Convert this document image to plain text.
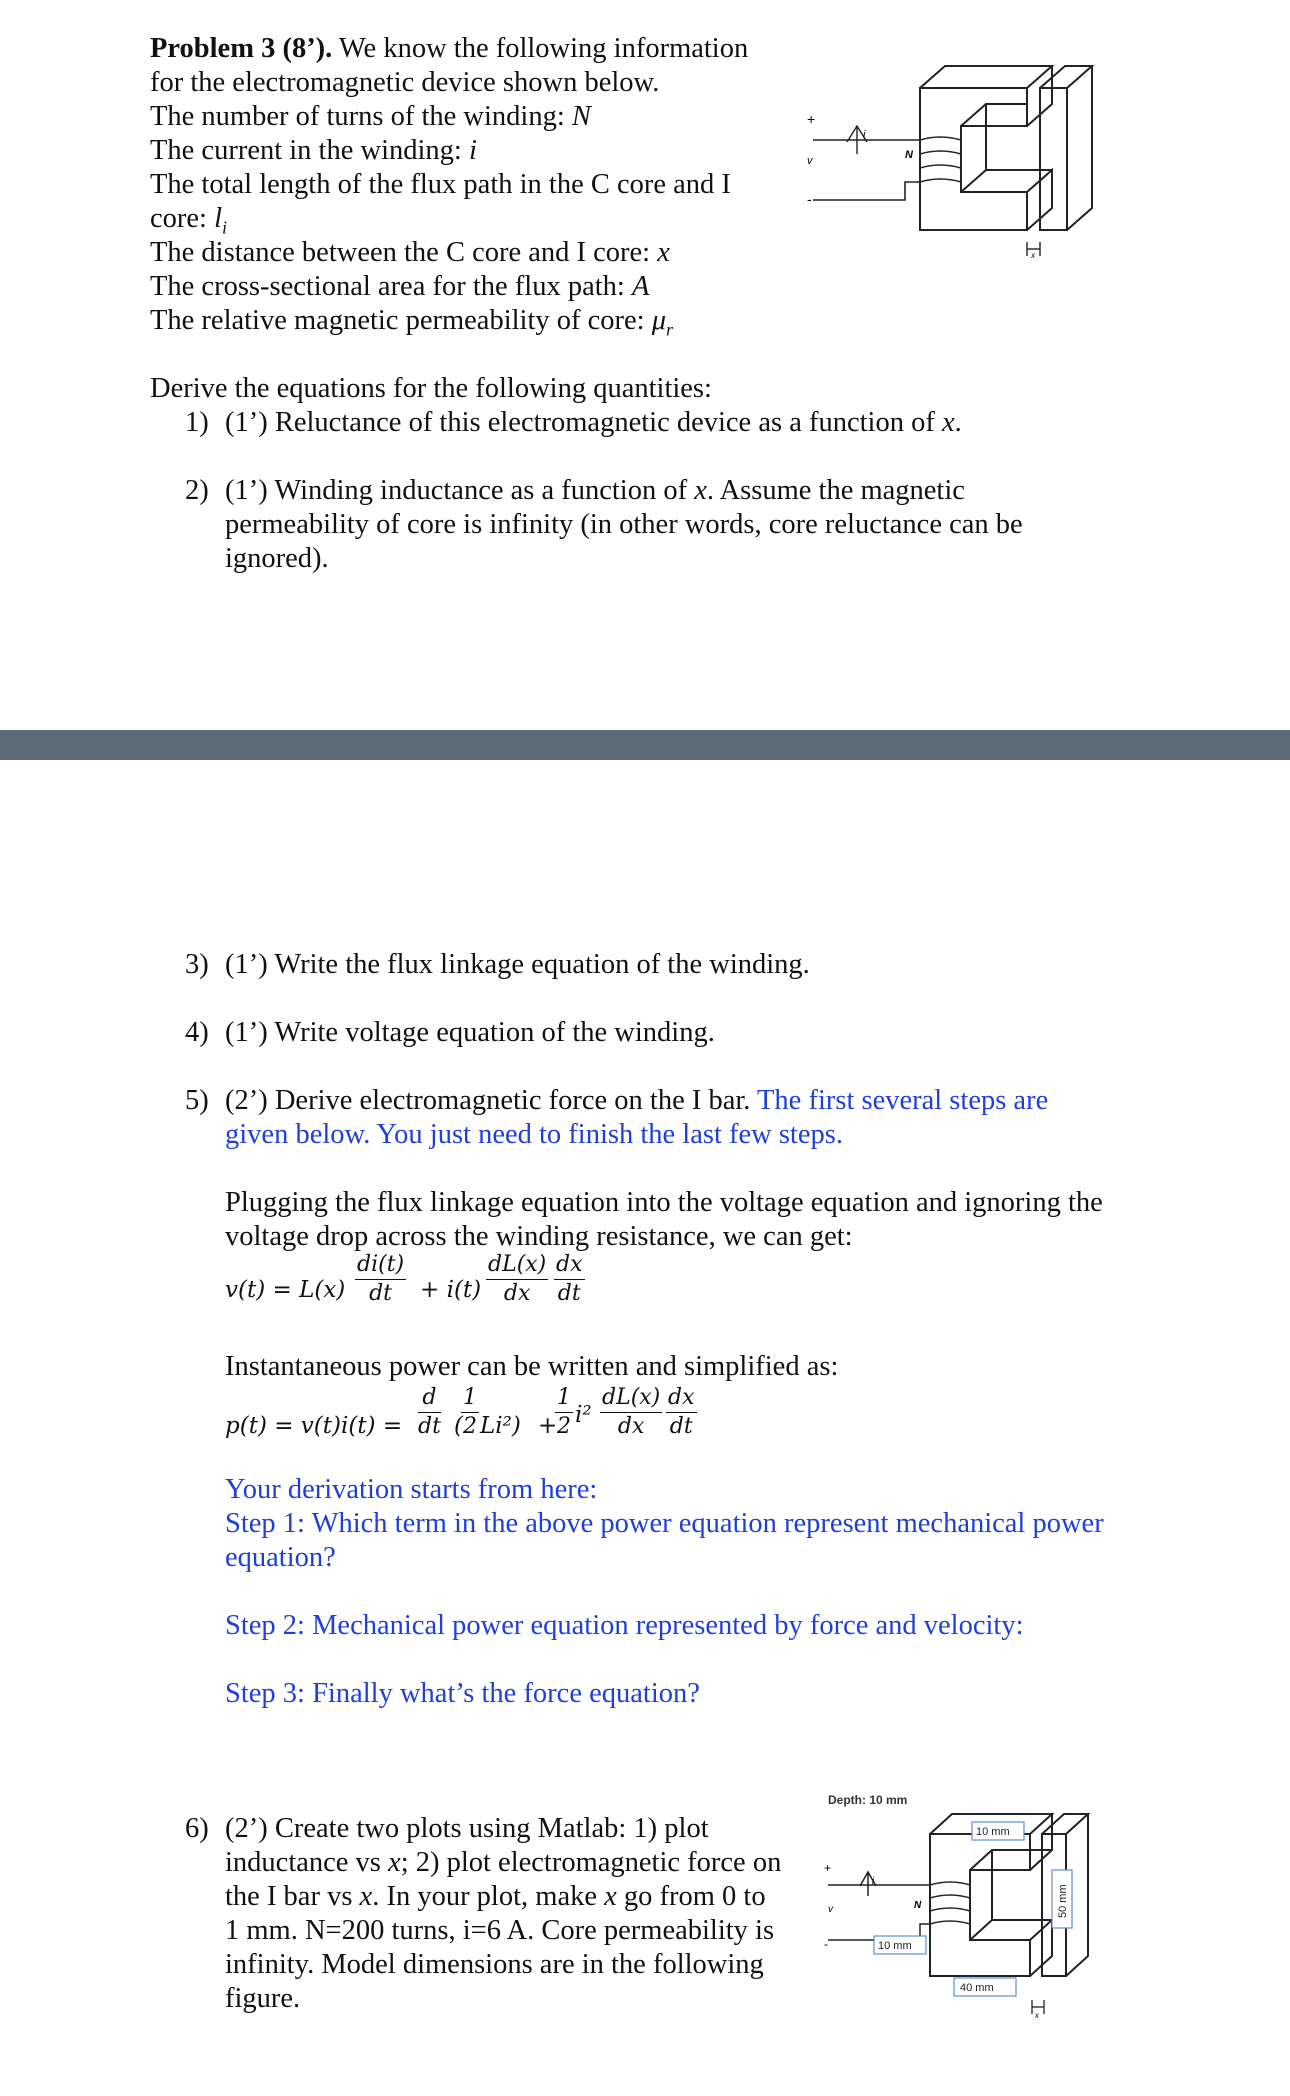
Problem 3 (8’). We know the following information
for the electromagnetic device shown below.
The number of turns of the winding: N
The current in the winding: i
The total length of the flux path in the C core and I
core: $l_i$
The distance between the C core and I core: x
The cross-sectional area for the flux path: A
The relative magnetic permeability of core: $\mu_r$
+
-
v
i
N
x
Derive the equations for the following quantities:
1) (1’) Reluctance of this electromagnetic device as a function of x.
2) (1’) Winding inductance as a function of x. Assume the magnetic
permeability of core is infinity (in other words, core reluctance can be
ignored).
3) (1’) Write the flux linkage equation of the winding.
4) (1’) Write voltage equation of the winding.
5) (2’) Derive electromagnetic force on the I bar. The first several steps are
given below. You just need to finish the last few steps.
Plugging the flux linkage equation into the voltage equation and ignoring the
voltage drop across the winding resistance, we can get:
$v(t) = L(x) \frac{di(t)}{dt} + i(t) \frac{dL(x)}{dx} \frac{dx}{dt}$
Instantaneous power can be written and simplified as:
$p(t) = v(t)i(t) = \frac{d}{dt}$ (
$\frac{1}{2} Li^2$) +
$\frac{1}{2} i^2 \frac{dL(x)}{dx} \frac{dx}{dt}$
Your derivation starts from here:
Step 1: Which term in the above power equation represent mechanical power
equation?
Step 2: Mechanical power equation represented by force and velocity:
Step 3: Finally what’s the force equation?
6) (2’) Create two plots using Matlab: 1) plot
inductance vs x; 2) plot electromagnetic force on
the I bar vs x. In your plot, make x go from 0 to
1 mm. N=200 turns, i=6 A. Core permeability is
infinity. Model dimensions are in the following
figure.
Depth: 10 mm
+
-
v
i
N
10 mm
10 mm
40 mm
50 mm
x
